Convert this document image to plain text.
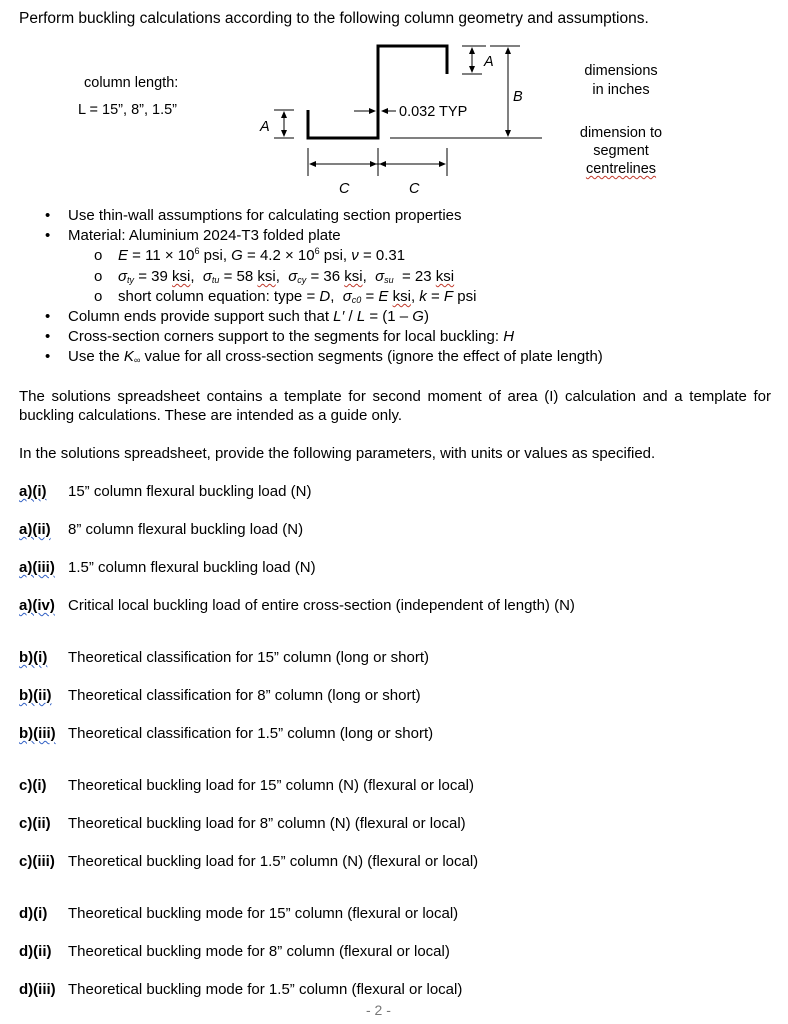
Perform buckling calculations according to the following column geometry and assumptions.
column length:
L = 15”, 8”, 1.5”
A
A
B
0.032 TYP
C	C
dimensions
in inches
dimension to
segment
centrelines
• Use thin-wall assumptions for calculating section properties
• Material: Aluminium 2024-T3 folded plate
o $E = 11 \times 10^6$ psi, $G = 4.2 \times 10^6$ psi, ν = 0.31
o $\sigma_{ty} = 39$ ksi,  $\sigma_{tu} = 58$ ksi,  $\sigma_{cy} = 36$ ksi,  $\sigma_{su} = 23$ ksi
o short column equation: type = D,  $\sigma_{c0} = E$ ksi, k = F psi
• Column ends provide support such that L′ / L = (1 – G)
• Cross-section corners support to the segments for local buckling: H
• Use the $K_\infty$ value for all cross-section segments (ignore the effect of plate length)
The solutions spreadsheet contains a template for second moment of area (I) calculation and a template for buckling calculations. These are intended as a guide only.
In the solutions spreadsheet, provide the following parameters, with units or values as specified.
a)(i) 15” column flexural buckling load (N)
a)(ii) 8” column flexural buckling load (N)
a)(iii) 1.5” column flexural buckling load (N)
a)(iv) Critical local buckling load of entire cross-section (independent of length) (N)
b)(i) Theoretical classification for 15” column (long or short)
b)(ii) Theoretical classification for 8” column (long or short)
b)(iii) Theoretical classification for 1.5” column (long or short)
c)(i) Theoretical buckling load for 15” column (N) (flexural or local)
c)(ii) Theoretical buckling load for 8” column (N) (flexural or local)
c)(iii) Theoretical buckling load for 1.5” column (N) (flexural or local)
d)(i) Theoretical buckling mode for 15” column (flexural or local)
d)(ii) Theoretical buckling mode for 8” column (flexural or local)
d)(iii) Theoretical buckling mode for 1.5” column (flexural or local)
- 2 -
